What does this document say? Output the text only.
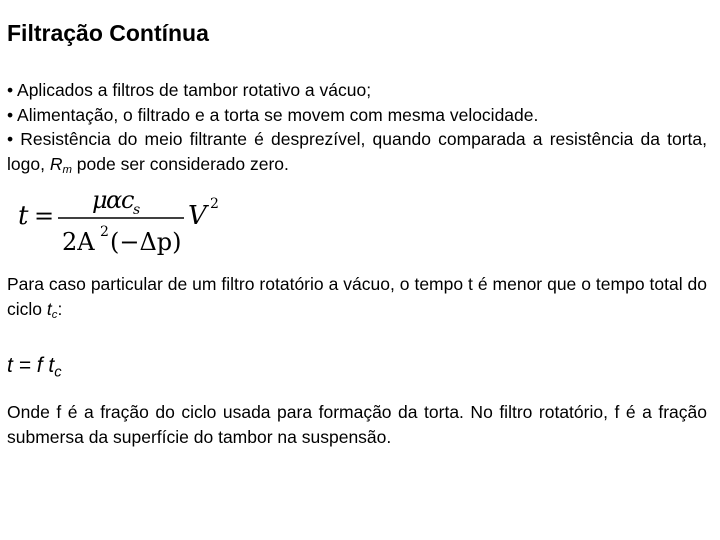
Filtração Contínua

• Aplicados a filtros de tambor rotativo a vácuo;

• Alimentação, o filtrado e a torta se movem com mesma velocidade.

• Resistência do meio filtrante é desprezível, quando comparada a resistência da torta, logo, $R_m$ pode ser considerado zero.

t =
μ
α
c
s
2A 2 (−Δp)
V 2
Para caso particular de um filtro rotatório a vácuo, o tempo t é menor que o tempo total do ciclo $t_c$:
t = f $t_c$
Onde f é a fração do ciclo usada para formação da torta. No filtro rotatório, f é a fração submersa da superfície do tambor na suspensão.
